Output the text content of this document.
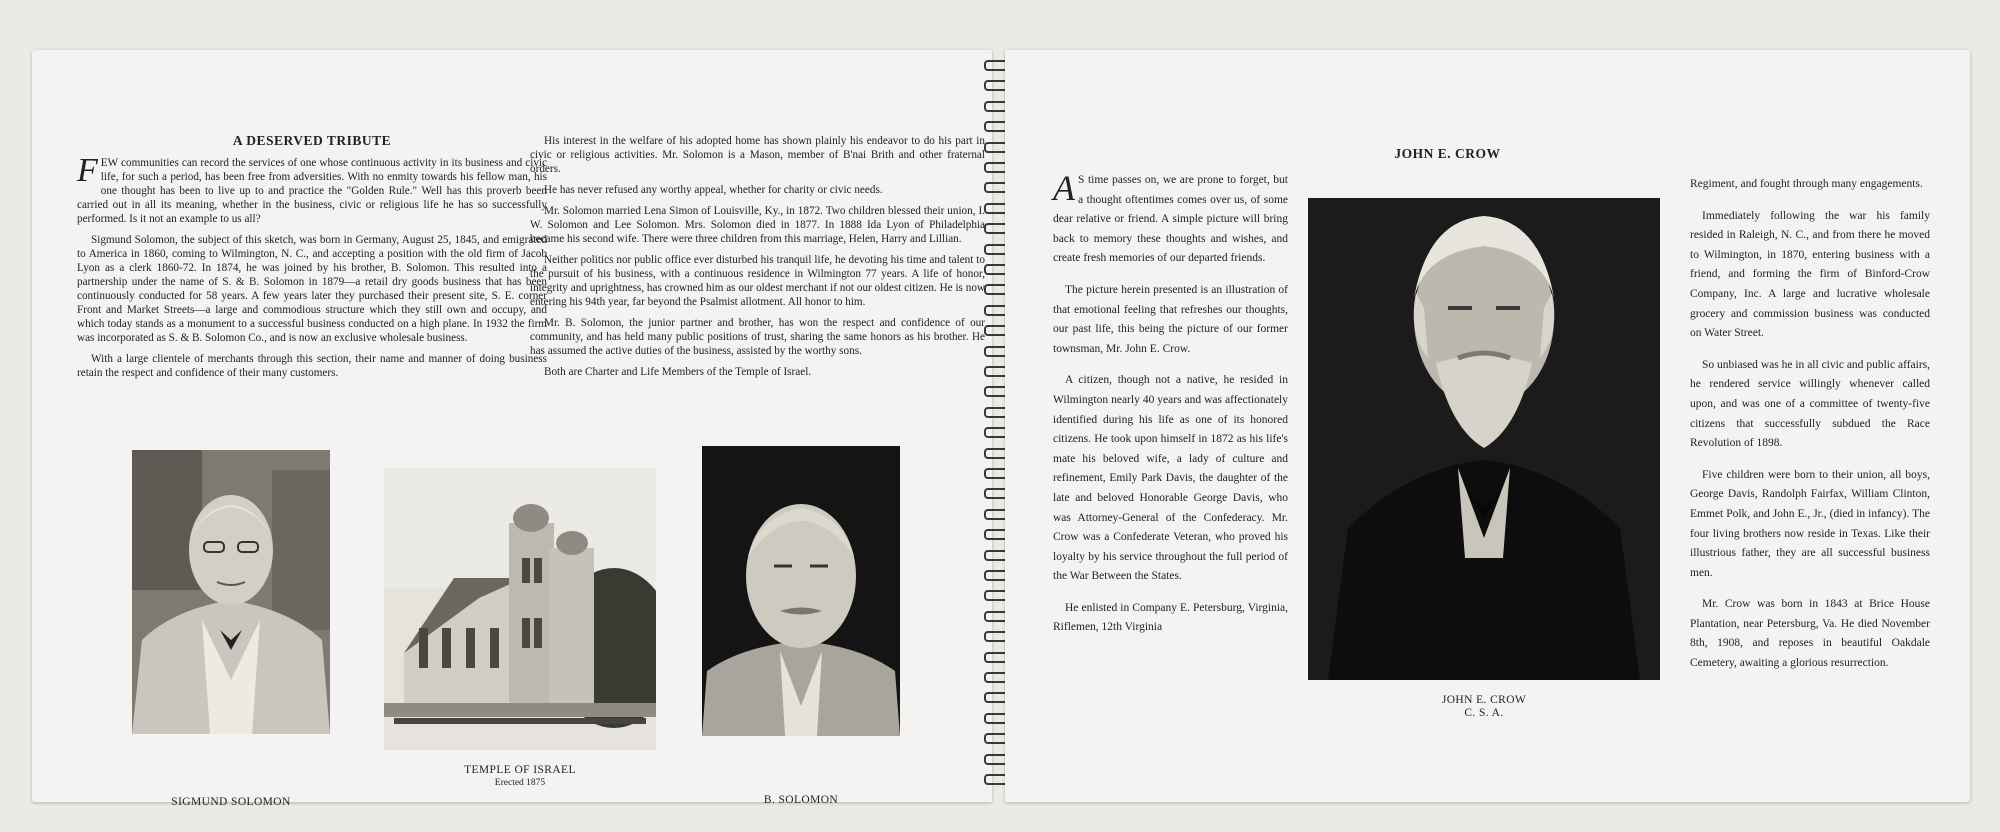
A DESERVED TRIBUTE

FEW communities can record the services of one whose continuous activity in its business and civic life, for such a period, has been free from adversities. With no enmity towards his fellow man, his one thought has been to live up to and practice the "Golden Rule." Well has this proverb been carried out in all its meaning, whether in the business, civic or religious life he has so successfully performed. Is it not an example to us all?

Sigmund Solomon, the subject of this sketch, was born in Germany, August 25, 1845, and emigrated to America in 1860, coming to Wilmington, N. C., and accepting a position with the old firm of Jacob Lyon as a clerk 1860-72. In 1874, he was joined by his brother, B. Solomon. This resulted into a partnership under the name of S. & B. Solomon in 1879—a retail dry goods business that has been continuously conducted for 58 years. A few years later they purchased their present site, S. E. corner Front and Market Streets—a large and commodious structure which they still own and occupy, and which today stands as a monument to a successful business conducted on a high plane. In 1932 the firm was incorporated as S. & B. Solomon Co., and is now an exclusive wholesale business.

With a large clientele of merchants through this section, their name and manner of doing business retain the respect and confidence of their many customers.

His interest in the welfare of his adopted home has shown plainly his endeavor to do his part in civic or religious activities. Mr. Solomon is a Mason, member of B'nai Brith and other fraternal orders.

He has never refused any worthy appeal, whether for charity or civic needs.

Mr. Solomon married Lena Simon of Louisville, Ky., in 1872. Two children blessed their union, I. W. Solomon and Lee Solomon. Mrs. Solomon died in 1877. In 1888 Ida Lyon of Philadelphia became his second wife. There were three children from this marriage, Helen, Harry and Lillian.

Neither politics nor public office ever disturbed his tranquil life, he devoting his time and talent to the pursuit of his business, with a continuous residence in Wilmington 77 years. A life of honor, integrity and uprightness, has crowned him as our oldest merchant if not our oldest citizen. He is now entering his 94th year, far beyond the Psalmist allotment. All honor to him.

Mr. B. Solomon, the junior partner and brother, has won the respect and confidence of our community, and has held many public positions of trust, sharing the same honors as his brother. He has assumed the active duties of the business, assisted by the worthy sons.

Both are Charter and Life Members of the Temple of Israel.

SIGMUND SOLOMON
TEMPLE OF ISRAEL
Erected 1875
B. SOLOMON
JOHN E. CROW

A S time passes on, we are prone to forget, but a thought oftentimes comes over us, of some dear relative or friend. A simple picture will bring back to memory these thoughts and wishes, and create fresh memories of our departed friends.

The picture herein presented is an illustration of that emotional feeling that refreshes our thoughts, our past life, this being the picture of our former townsman, Mr. John E. Crow.

A citizen, though not a native, he resided in Wilmington nearly 40 years and was affectionately identified during his life as one of its honored citizens. He took upon himself in 1872 as his life's mate his beloved wife, a lady of culture and refinement, Emily Park Davis, the daughter of the late and beloved Honorable George Davis, who was Attorney-General of the Confederacy. Mr. Crow was a Confederate Veteran, who proved his loyalty by his service throughout the full period of the War Between the States.

He enlisted in Company E. Petersburg, Virginia, Riflemen, 12th Virginia

JOHN E. CROW
C. S. A.

Regiment, and fought through many engagements.

Immediately following the war his family resided in Raleigh, N. C., and from there he moved to Wilmington, in 1870, entering business with a friend, and forming the firm of Binford-Crow Company, Inc. A large and lucrative wholesale grocery and commission business was conducted on Water Street.

So unbiased was he in all civic and public affairs, he rendered service willingly whenever called upon, and was one of a committee of twenty-five citizens that successfully subdued the Race Revolution of 1898.

Five children were born to their union, all boys, George Davis, Randolph Fairfax, William Clinton, Emmet Polk, and John E., Jr., (died in infancy). The four living brothers now reside in Texas. Like their illustrious father, they are all successful business men.

Mr. Crow was born in 1843 at Brice House Plantation, near Petersburg, Va. He died November 8th, 1908, and reposes in beautiful Oakdale Cemetery, awaiting a glorious resurrection.
